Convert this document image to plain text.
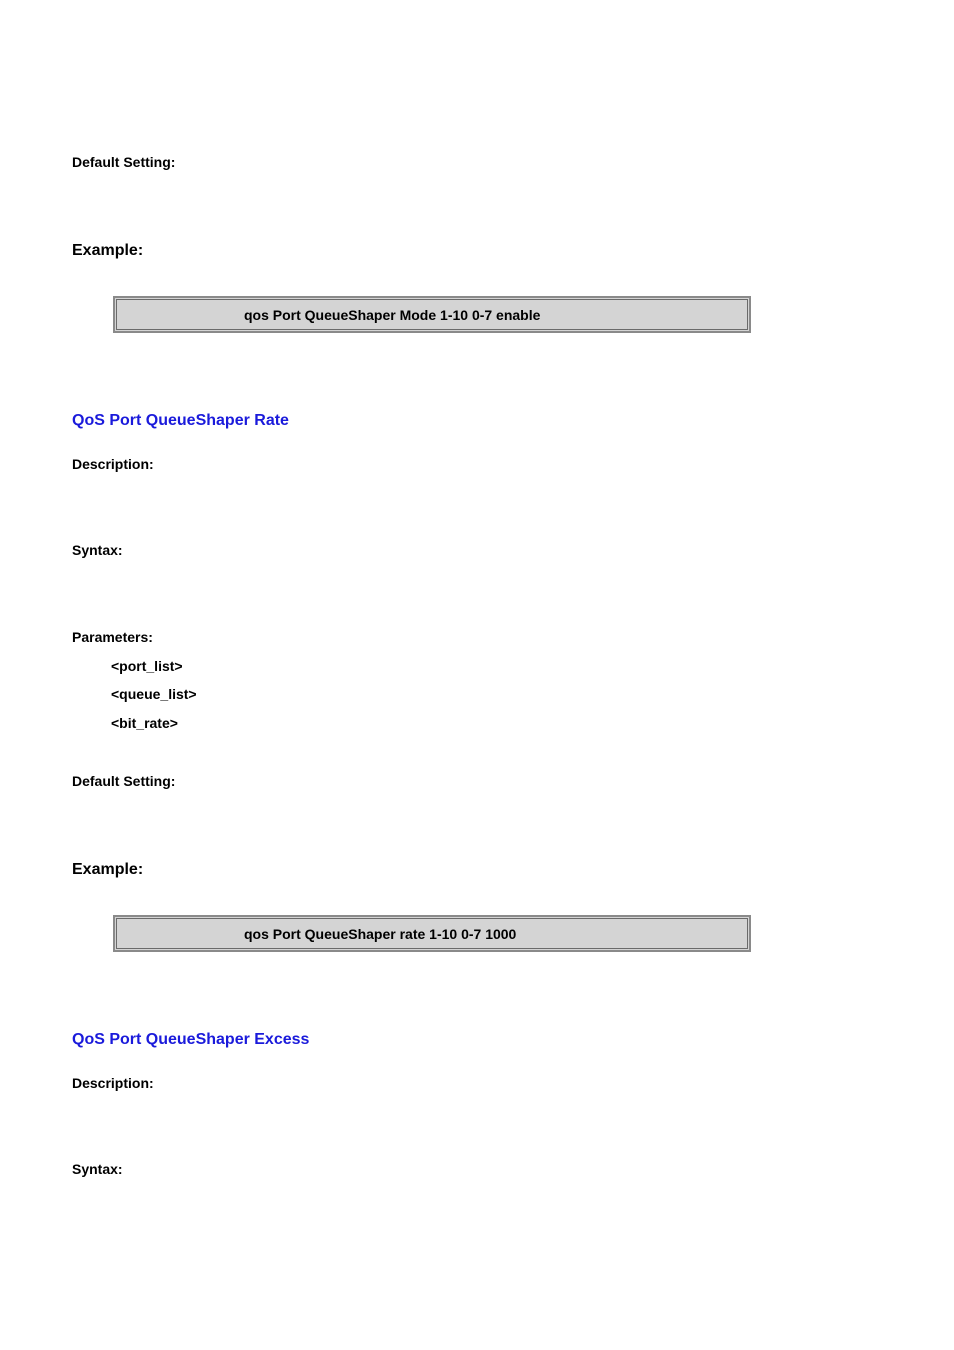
Default Setting:
Example:
qos Port QueueShaper Mode 1-10 0-7 enable
QoS Port QueueShaper Rate
Description:
Syntax:
Parameters:
<port_list>
<queue_list>
<bit_rate>
Default Setting:
Example:
qos Port QueueShaper rate 1-10 0-7 1000
QoS Port QueueShaper Excess
Description:
Syntax:
